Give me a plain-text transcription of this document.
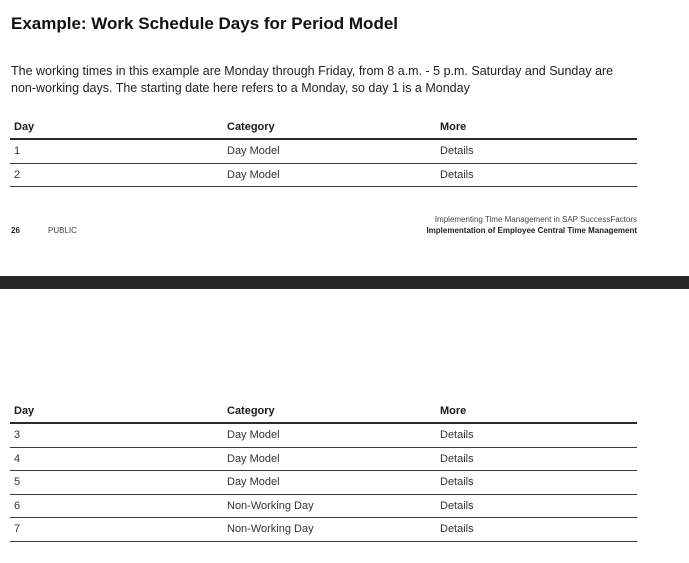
Example: Work Schedule Days for Period Model

The working times in this example are Monday through Friday, from 8 a.m. - 5 p.m. Saturday and Sunday are non-working days. The starting date here refers to a Monday, so day 1 is a Monday

Day	Category	More
1	Day Model	Details
2	Day Model	Details
26	PUBLIC
Implementing Time Management in SAP SuccessFactors
Implementation of Employee Central Time Management
Day	Category	More
3	Day Model	Details
4	Day Model	Details
5	Day Model	Details
6	Non-Working Day	Details
7	Non-Working Day	Details
